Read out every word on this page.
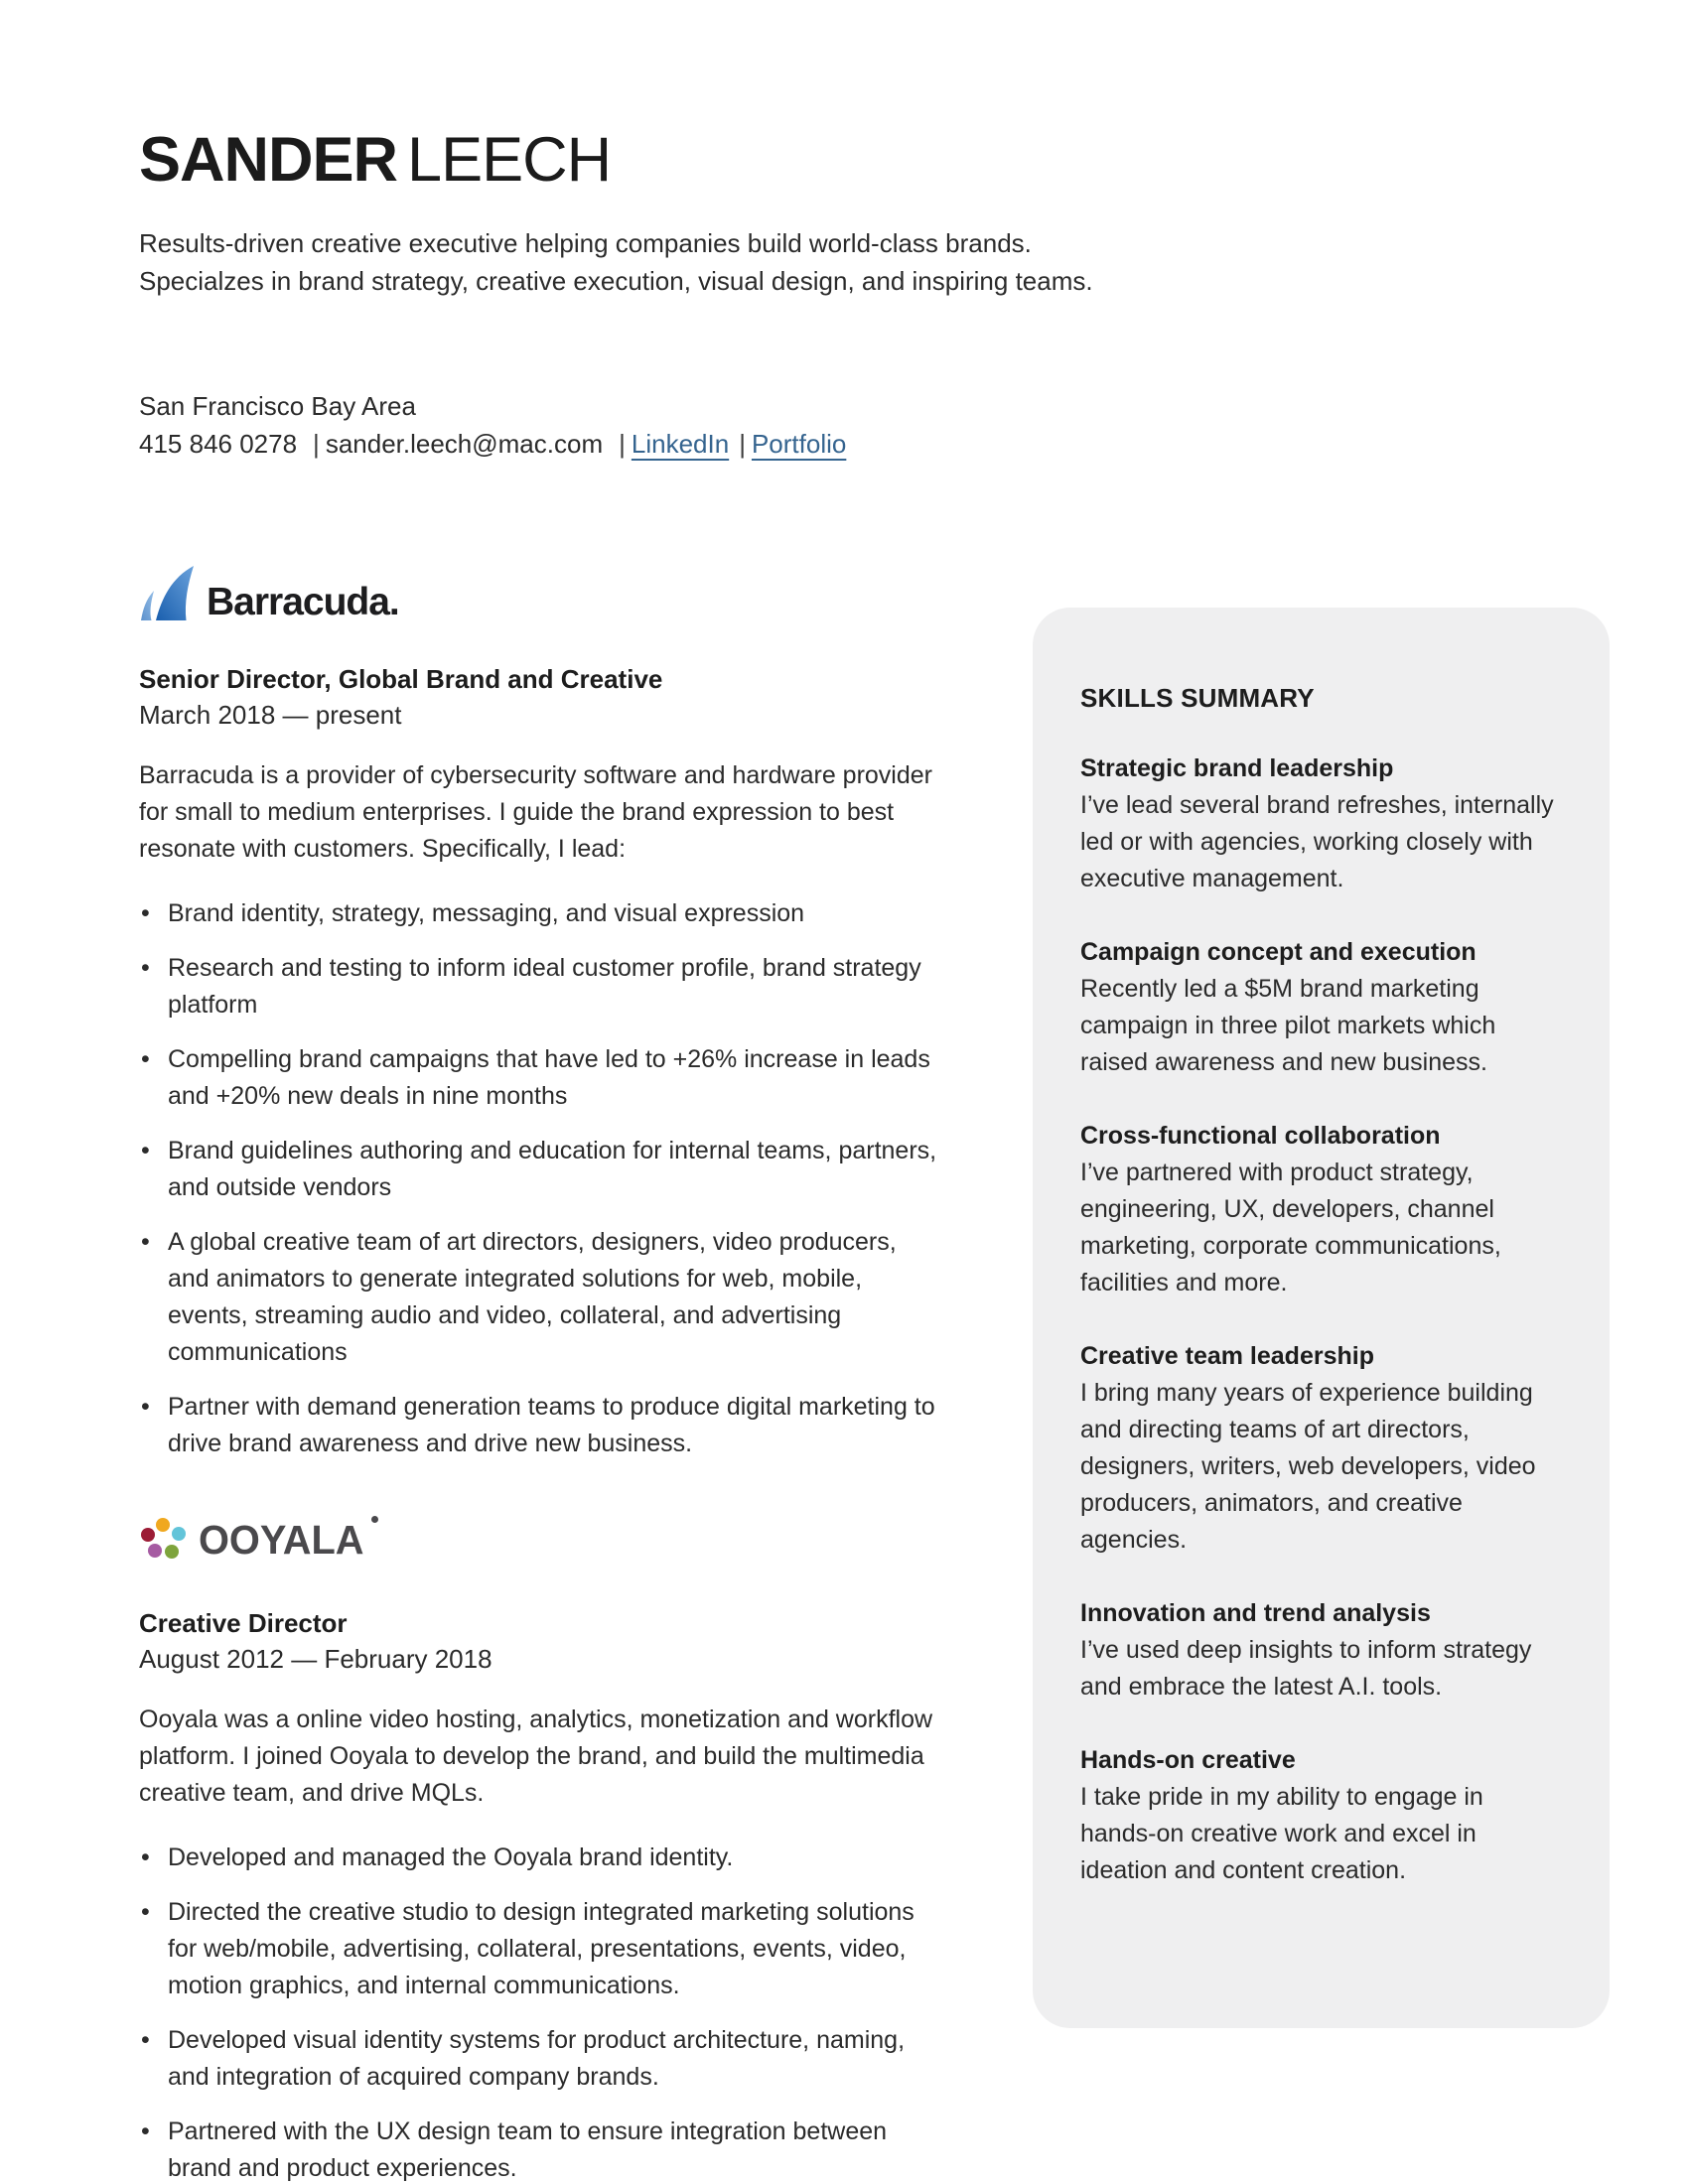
SANDER LEECH
Results-driven creative executive helping companies build world-class brands.
Specialzes in brand strategy, creative execution, visual design, and inspiring teams.
San Francisco Bay Area
415 846 0278 | sander.leech@mac.com | LinkedIn | Portfolio
Barracuda.
Senior Director, Global Brand and Creative
March 2018 — present
Barracuda is a provider of cybersecurity software and hardware provider for small to medium enterprises. I guide the brand expression to best resonate with customers. Specifically, I lead:
• Brand identity, strategy, messaging, and visual expression
• Research and testing to inform ideal customer profile, brand strategy platform
• Compelling brand campaigns that have led to +26% increase in leads and +20% new deals in nine months
• Brand guidelines authoring and education for internal teams, partners, and outside vendors
• A global creative team of art directors, designers, video producers, and animators to generate integrated solutions for web, mobile, events, streaming audio and video, collateral, and advertising communications
• Partner with demand generation teams to produce digital marketing to drive brand awareness and drive new business.
OOYALA
Creative Director
August 2012 — February 2018
Ooyala was a online video hosting, analytics, monetization and workflow platform. I joined Ooyala to develop the brand, and build the multimedia creative team, and drive MQLs.
• Developed and managed the Ooyala brand identity.
• Directed the creative studio to design integrated marketing solutions for web/mobile, advertising, collateral, presentations, events, video, motion graphics, and internal communications.
• Developed visual identity systems for product architecture, naming, and integration of acquired company brands.
• Partnered with the UX design team to ensure integration between brand and product experiences.
SKILLS SUMMARY
Strategic brand leadership
I’ve lead several brand refreshes, internally led or with agencies, working closely with executive management.
Campaign concept and execution
Recently led a $5M brand marketing campaign in three pilot markets which raised awareness and new business.
Cross-functional collaboration
I’ve partnered with product strategy, engineering, UX, developers, channel marketing, corporate communications, facilities and more.
Creative team leadership
I bring many years of experience building and directing teams of art directors, designers, writers, web developers, video producers, animators, and creative agencies.
Innovation and trend analysis
I’ve used deep insights to inform strategy and embrace the latest A.I. tools.
Hands-on creative
I take pride in my ability to engage in hands-on creative work and excel in ideation and content creation.
